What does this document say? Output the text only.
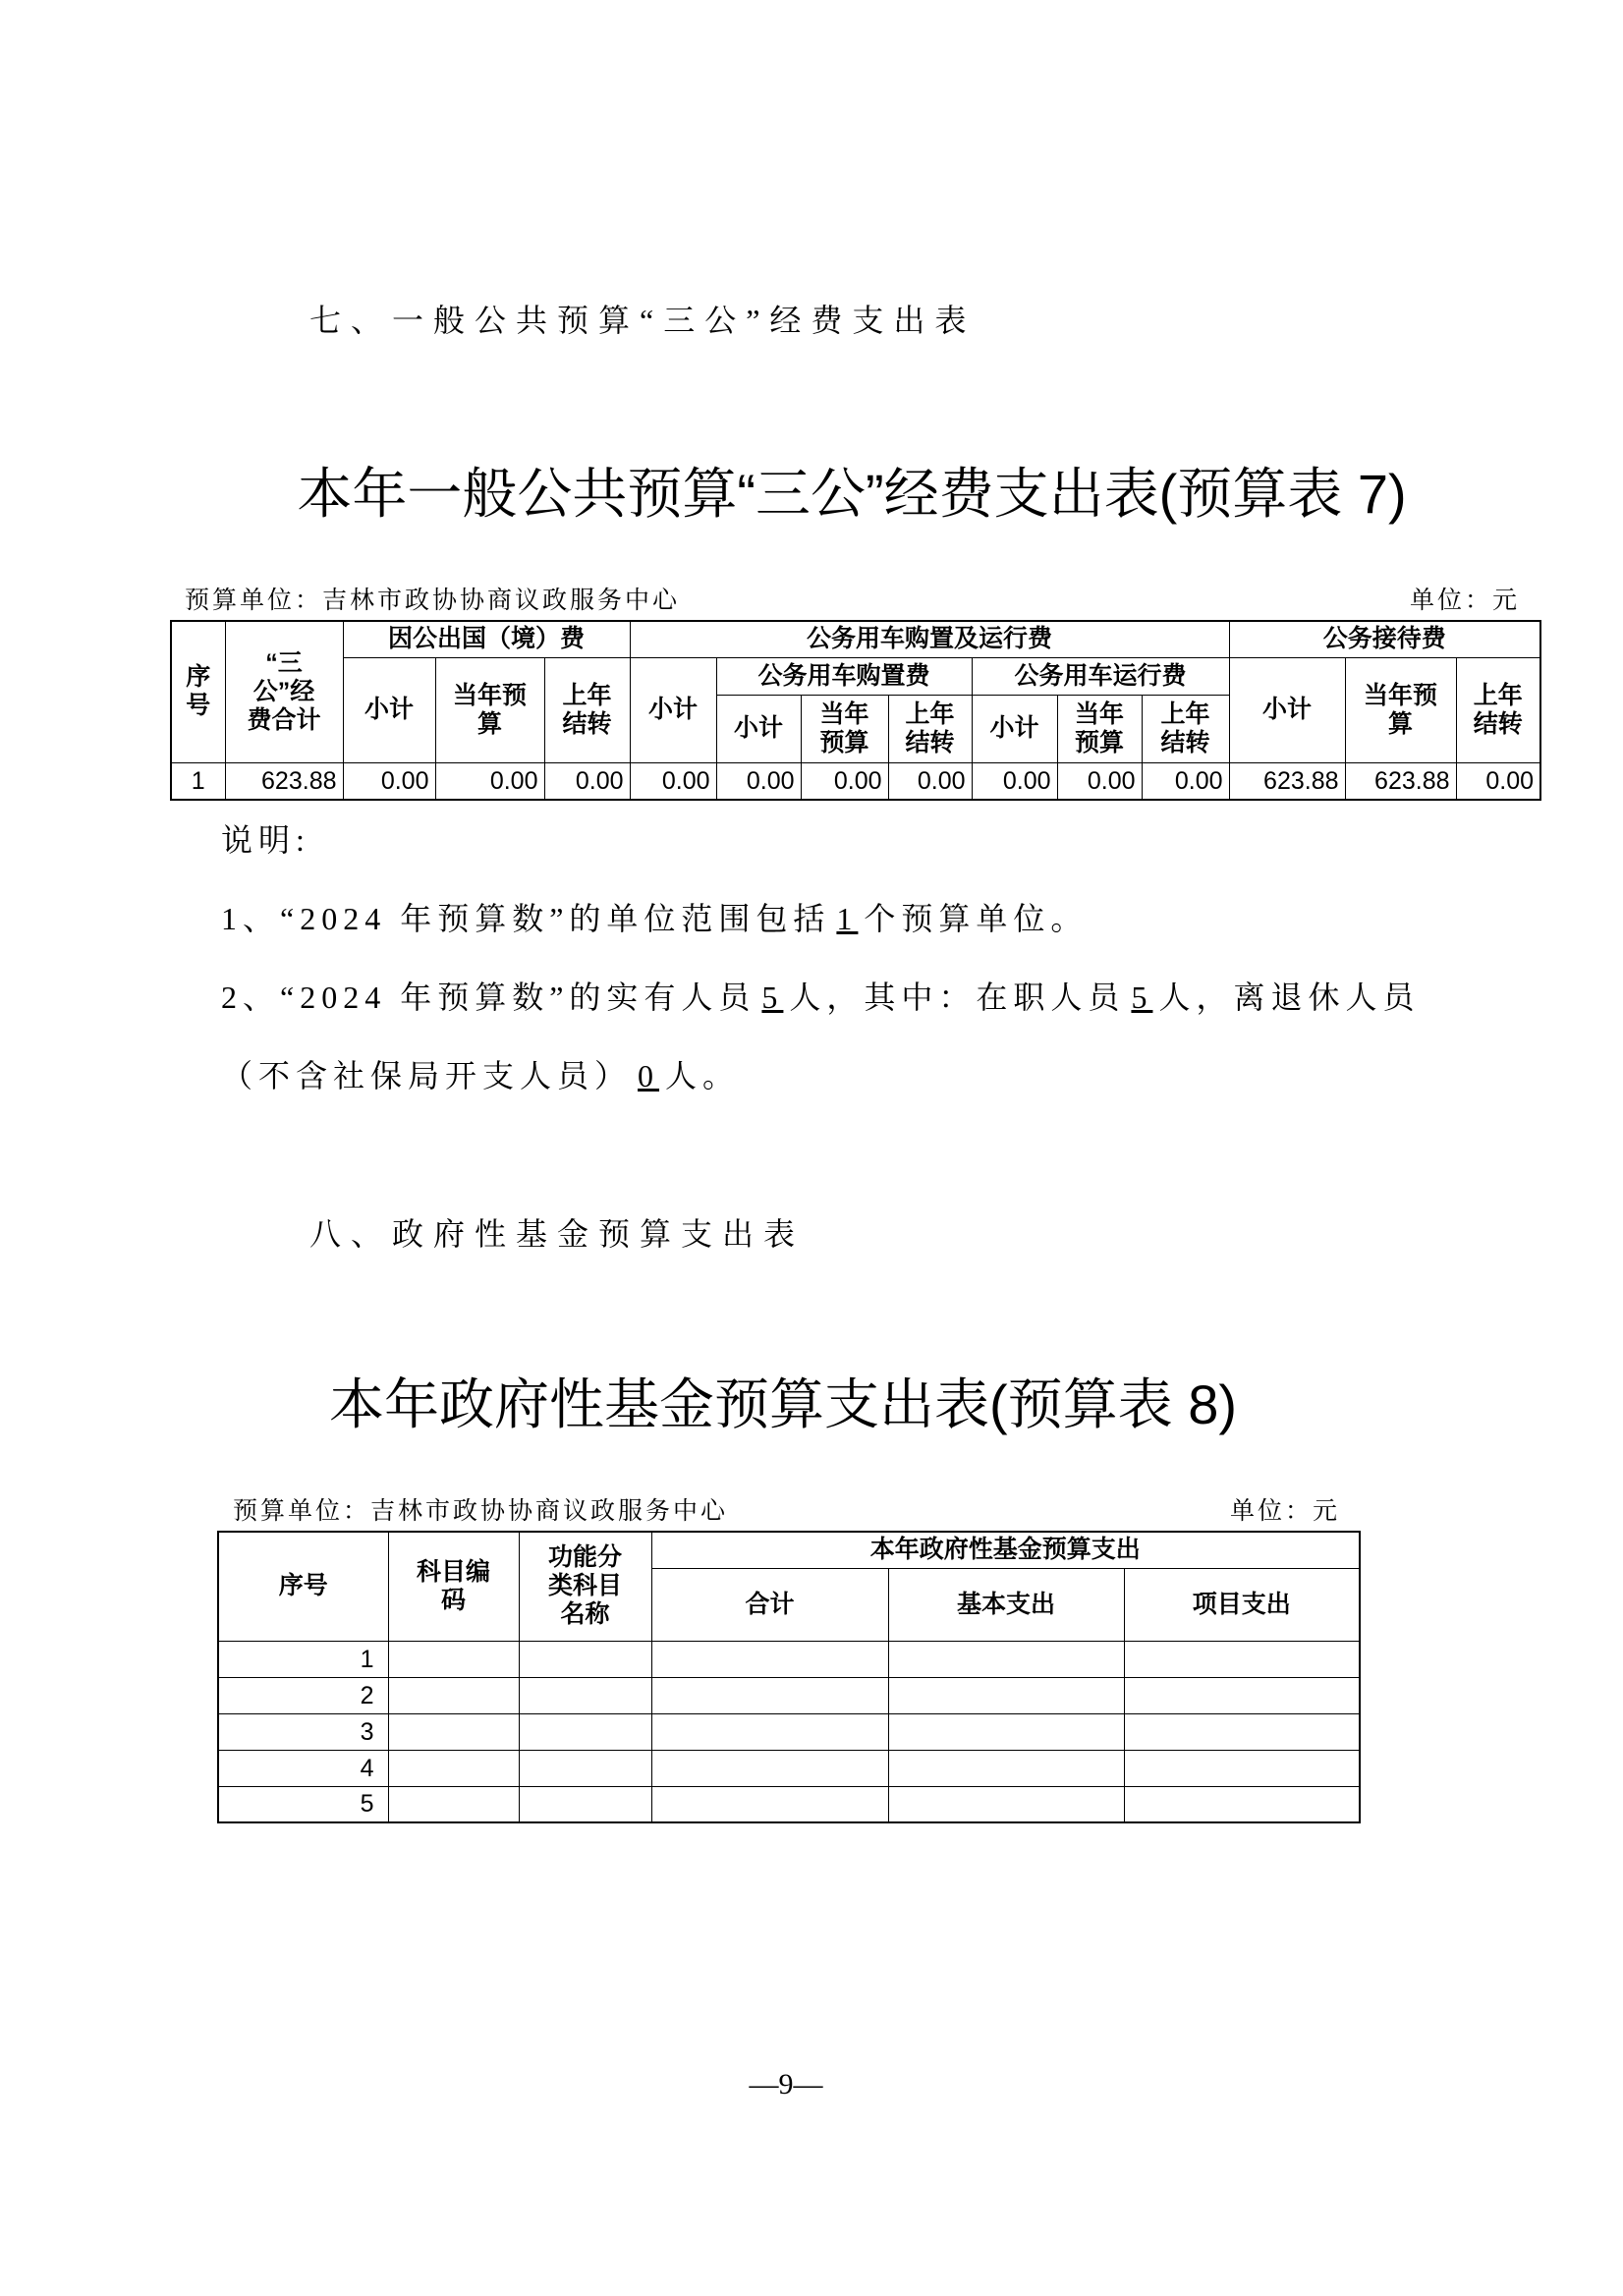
七、一般公共预算“三公”经费支出表
本年一般公共预算“三公”经费支出表(预算表 7)
预算单位：吉林市政协协商议政服务中心	单位：元
序号	“三公”经费合计	因公出国（境）费			公务用车购置及运行费							公务接待费		
		小计	当年预算	上年结转	小计	公务用车购置费			公务用车运行费			小计	当年预算	上年结转
						小计	当年预算	上年结转	小计	当年预算	上年结转			
1	623.88	0.00	0.00	0.00	0.00	0.00	0.00	0.00	0.00	0.00	0.00	623.88	623.88	0.00
说明:
1、“2024 年预算数”的单位范围包括 1 个预算单位。
2、“2024 年预算数”的实有人员 5 人，其中：在职人员 5 人，离退休人员
（不含社保局开支人员） 0 人。
八、政府性基金预算支出表
本年政府性基金预算支出表(预算表 8)
预算单位：吉林市政协协商议政服务中心	单位：元
序号	科目编码	功能分类科目名称	本年政府性基金预算支出		
			合计	基本支出	项目支出
1					
2					
3					
4					
5					
—9—
